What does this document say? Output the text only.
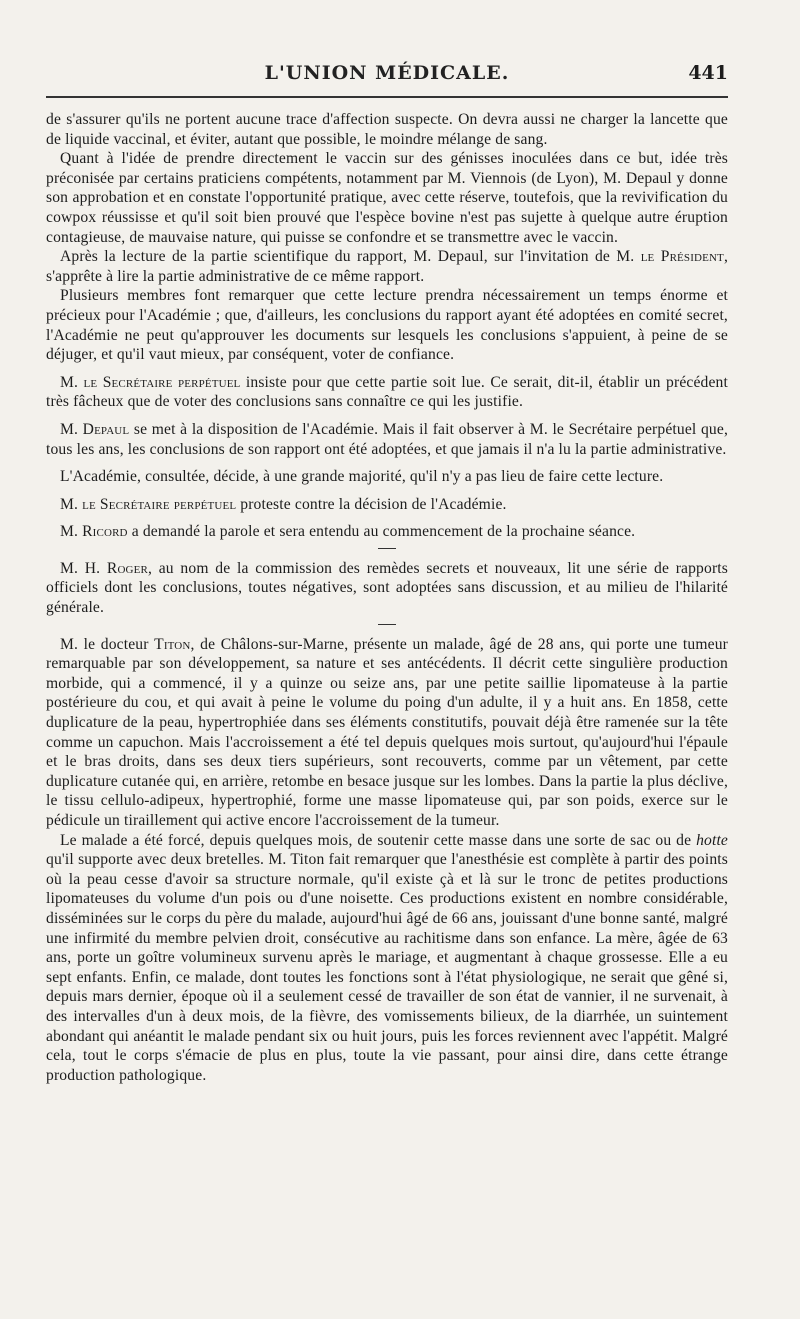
L'UNION MÉDICALE.	441

de s'assurer qu'ils ne portent aucune trace d'affection suspecte. On devra aussi ne charger la lancette que de liquide vaccinal, et éviter, autant que possible, le moindre mélange de sang.

Quant à l'idée de prendre directement le vaccin sur des génisses inoculées dans ce but, idée très préconisée par certains praticiens compétents, notamment par M. Viennois (de Lyon), M. Depaul y donne son approbation et en constate l'opportunité pratique, avec cette réserve, toutefois, que la revivification du cowpox réussisse et qu'il soit bien prouvé que l'espèce bovine n'est pas sujette à quelque autre éruption contagieuse, de mauvaise nature, qui puisse se confondre et se transmettre avec le vaccin.

Après la lecture de la partie scientifique du rapport, M. Depaul, sur l'invitation de M. le Président, s'apprête à lire la partie administrative de ce même rapport.

Plusieurs membres font remarquer que cette lecture prendra nécessairement un temps énorme et précieux pour l'Académie ; que, d'ailleurs, les conclusions du rapport ayant été adoptées en comité secret, l'Académie ne peut qu'approuver les documents sur lesquels les conclusions s'appuient, à peine de se déjuger, et qu'il vaut mieux, par conséquent, voter de confiance.

M. le Secrétaire perpétuel insiste pour que cette partie soit lue. Ce serait, dit-il, établir un précédent très fâcheux que de voter des conclusions sans connaître ce qui les justifie.

M. Depaul se met à la disposition de l'Académie. Mais il fait observer à M. le Secrétaire perpétuel que, tous les ans, les conclusions de son rapport ont été adoptées, et que jamais il n'a lu la partie administrative.

L'Académie, consultée, décide, à une grande majorité, qu'il n'y a pas lieu de faire cette lecture.

M. le Secrétaire perpétuel proteste contre la décision de l'Académie.

M. Ricord a demandé la parole et sera entendu au commencement de la prochaine séance.

M. H. Roger, au nom de la commission des remèdes secrets et nouveaux, lit une série de rapports officiels dont les conclusions, toutes négatives, sont adoptées sans discussion, et au milieu de l'hilarité générale.

M. le docteur Titon, de Châlons-sur-Marne, présente un malade, âgé de 28 ans, qui porte une tumeur remarquable par son développement, sa nature et ses antécédents. Il décrit cette singulière production morbide, qui a commencé, il y a quinze ou seize ans, par une petite saillie lipomateuse à la partie postérieure du cou, et qui avait à peine le volume du poing d'un adulte, il y a huit ans. En 1858, cette duplicature de la peau, hypertrophiée dans ses éléments constitutifs, pouvait déjà être ramenée sur la tête comme un capuchon. Mais l'accroissement a été tel depuis quelques mois surtout, qu'aujourd'hui l'épaule et le bras droits, dans ses deux tiers supérieurs, sont recouverts, comme par un vêtement, par cette duplicature cutanée qui, en arrière, retombe en besace jusque sur les lombes. Dans la partie la plus déclive, le tissu cellulo-adipeux, hypertrophié, forme une masse lipomateuse qui, par son poids, exerce sur le pédicule un tiraillement qui active encore l'accroissement de la tumeur.

Le malade a été forcé, depuis quelques mois, de soutenir cette masse dans une sorte de sac ou de hotte qu'il supporte avec deux bretelles. M. Titon fait remarquer que l'anesthésie est complète à partir des points où la peau cesse d'avoir sa structure normale, qu'il existe çà et là sur le tronc de petites productions lipomateuses du volume d'un pois ou d'une noisette. Ces productions existent en nombre considérable, disséminées sur le corps du père du malade, aujourd'hui âgé de 66 ans, jouissant d'une bonne santé, malgré une infirmité du membre pelvien droit, consécutive au rachitisme dans son enfance. La mère, âgée de 63 ans, porte un goître volumineux survenu après le mariage, et augmentant à chaque grossesse. Elle a eu sept enfants. Enfin, ce malade, dont toutes les fonctions sont à l'état physiologique, ne serait que gêné si, depuis mars dernier, époque où il a seulement cessé de travailler de son état de vannier, il ne survenait, à des intervalles d'un à deux mois, de la fièvre, des vomissements bilieux, de la diarrhée, un suintement abondant qui anéantit le malade pendant six ou huit jours, puis les forces reviennent avec l'appétit. Malgré cela, tout le corps s'émacie de plus en plus, toute la vie passant, pour ainsi dire, dans cette étrange production pathologique.
